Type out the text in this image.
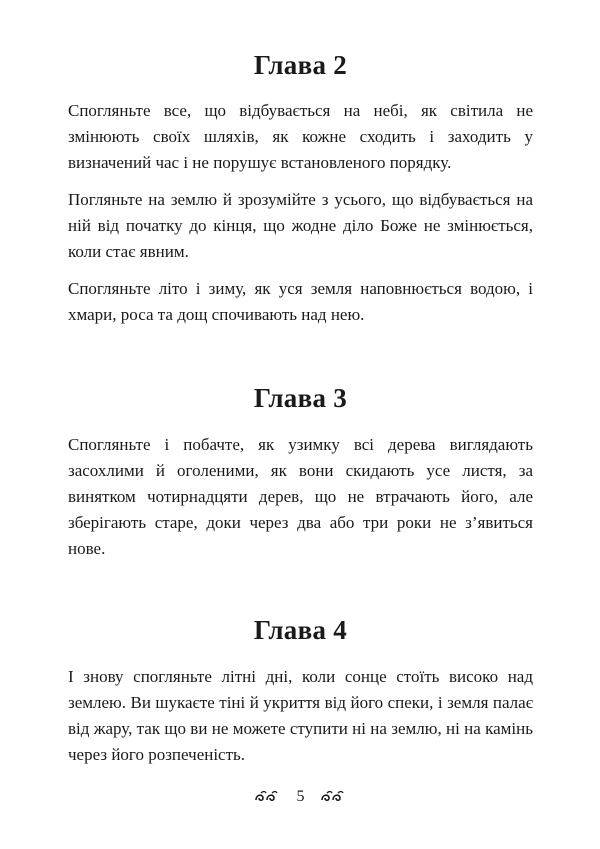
Глава 2

Спогляньте все, що відбувається на небі, як світила не змінюють своїх шляхів, як кожне сходить і заходить у визначений час і не порушує встановленого порядку.

Погляньте на землю й зрозумійте з усього, що відбувається на ній від початку до кінця, що жодне діло Боже не змінюється, коли стає явним.

Спогляньте літо і зиму, як уся земля наповнюється водою, і хмари, роса та дощ спочивають над нею.

Глава 3

Спогляньте і побачте, як узимку всі дерева виглядають засохлими й оголеними, як вони скидають усе листя, за винятком чотирнадцяти дерев, що не втрачають його, але зберігають старе, доки через два або три роки не з’явиться нове.

Глава 4

І знову спогляньте літні дні, коли сонце стоїть високо над землею. Ви шукаєте тіні й укриття від його спеки, і земля палає від жару, так що ви не можете ступити ні на землю, ні на камінь через його розпеченість.

5
